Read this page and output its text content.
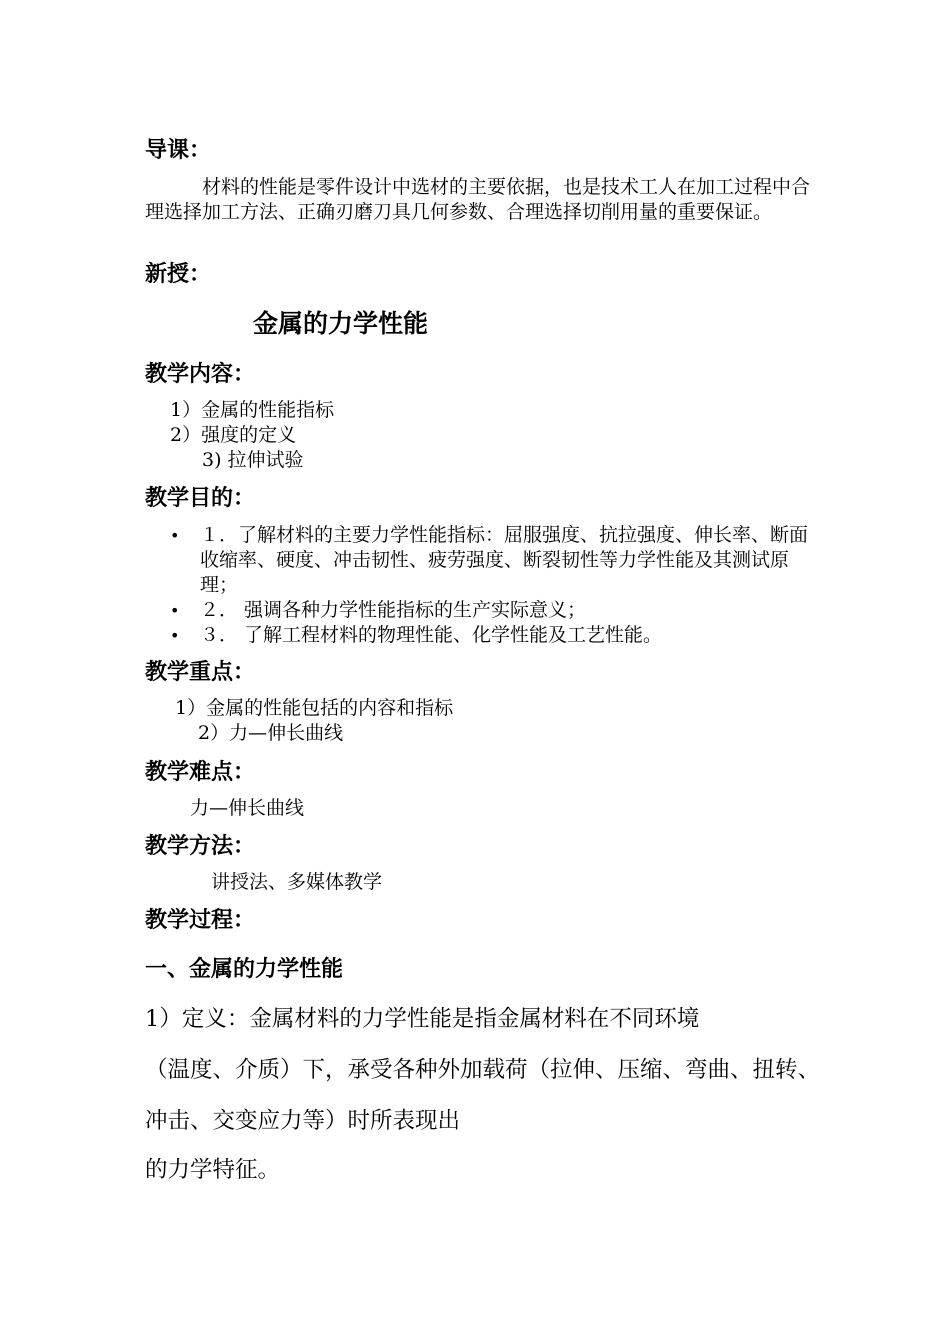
导课：
材料的性能是零件设计中选材的主要依据，也是技术工人在加工过程中合理选择加工方法、正确刃磨刀具几何参数、合理选择切削用量的重要保证。
新授：
金属的力学性能
教学内容：
1）金属的性能指标
2）强度的定义
3) 拉伸试验
教学目的：
• １．了解材料的主要力学性能指标：屈服强度、抗拉强度、伸长率、断面收缩率、硬度、冲击韧性、疲劳强度、断裂韧性等力学性能及其测试原理；
• ２． 强调各种力学性能指标的生产实际意义；
• ３． 了解工程材料的物理性能、化学性能及工艺性能。
教学重点：
1）金属的性能包括的内容和指标
2）力—伸长曲线
教学难点：
力—伸长曲线
教学方法：
讲授法、多媒体教学
教学过程：
一、金属的力学性能
1）定义：金属材料的力学性能是指金属材料在不同环境
（温度、介质）下，承受各种外加载荷（拉伸、压缩、弯曲、扭转、
冲击、交变应力等）时所表现出
的力学特征。
